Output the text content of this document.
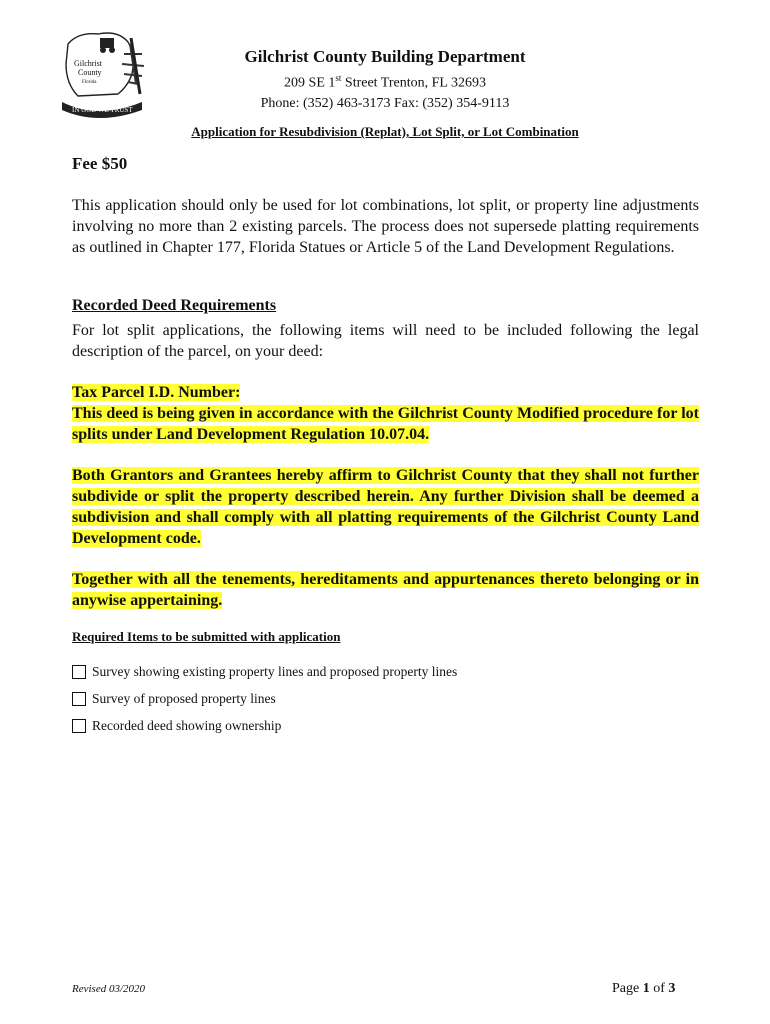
Gilchrist
County
Florida
IN GOD WE TRUST
Gilchrist County Building Department
209 SE 1st Street Trenton, FL 32693
Phone: (352) 463-3173 Fax: (352) 354-9113
Application for Resubdivision (Replat), Lot Split, or Lot Combination
Fee $50
This application should only be used for lot combinations, lot split, or property line adjustments involving no more than 2 existing parcels. The process does not supersede platting requirements as outlined in Chapter 177, Florida Statues or Article 5 of the Land Development Regulations.
Recorded Deed Requirements
For lot split applications, the following items will need to be included following the legal description of the parcel, on your deed:
Tax Parcel I.D. Number:
This deed is being given in accordance with the Gilchrist County Modified procedure for lot splits under Land Development Regulation 10.07.04.
Both Grantors and Grantees hereby affirm to Gilchrist County that they shall not further subdivide or split the property described herein. Any further Division shall be deemed a subdivision and shall comply with all platting requirements of the Gilchrist County Land Development code.
Together with all the tenements, hereditaments and appurtenances thereto belonging or in anywise appertaining.
Required Items to be submitted with application
Survey showing existing property lines and proposed property lines
Survey of proposed property lines
Recorded deed showing ownership
Revised 03/2020	Page 1 of 3
